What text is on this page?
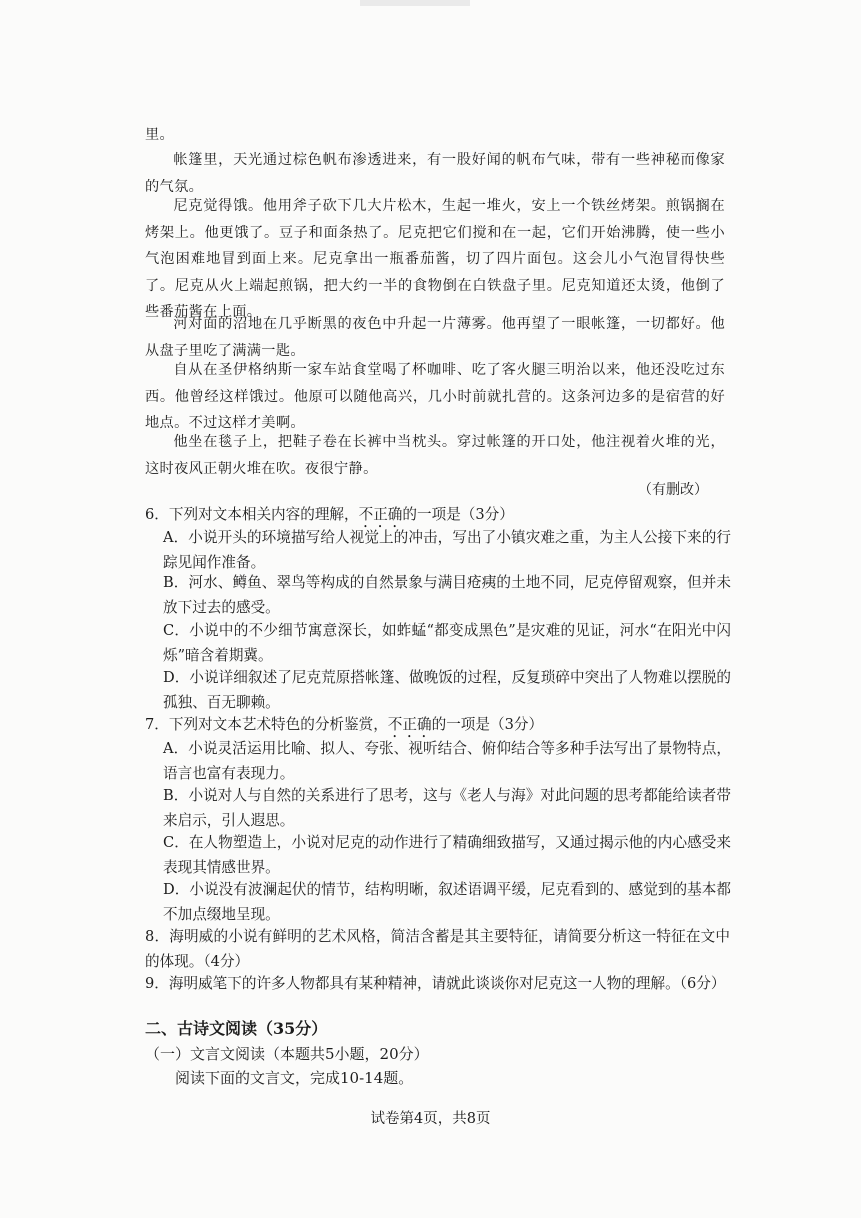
里。
帐篷里，天光通过棕色帆布渗透进来，有一股好闻的帆布气味，带有一些神秘而像家的气氛。
尼克觉得饿。他用斧子砍下几大片松木，生起一堆火，安上一个铁丝烤架。煎锅搁在烤架上。他更饿了。豆子和面条热了。尼克把它们搅和在一起，它们开始沸腾，使一些小气泡困难地冒到面上来。尼克拿出一瓶番茄酱，切了四片面包。这会儿小气泡冒得快些了。尼克从火上端起煎锅，把大约一半的食物倒在白铁盘子里。尼克知道还太烫，他倒了些番茄酱在上面。
河对面的沼地在几乎断黑的夜色中升起一片薄雾。他再望了一眼帐篷，一切都好。他从盘子里吃了满满一匙。
自从在圣伊格纳斯一家车站食堂喝了杯咖啡、吃了客火腿三明治以来，他还没吃过东西。他曾经这样饿过。他原可以随他高兴，几小时前就扎营的。这条河边多的是宿营的好地点。不过这样才美啊。
他坐在毯子上，把鞋子卷在长裤中当枕头。穿过帐篷的开口处，他注视着火堆的光，这时夜风正朝火堆在吹。夜很宁静。
（有删改）
6．下列对文本相关内容的理解，不正确的一项是（3分）
A．小说开头的环境描写给人视觉上的冲击，写出了小镇灾难之重，为主人公接下来的行踪见闻作准备。
B．河水、鳟鱼、翠鸟等构成的自然景象与满目疮痍的土地不同，尼克停留观察，但并未放下过去的感受。
C．小说中的不少细节寓意深长，如蚱蜢“都变成黑色”是灾难的见证，河水“在阳光中闪烁”暗含着期冀。
D．小说详细叙述了尼克荒原搭帐篷、做晚饭的过程，反复琐碎中突出了人物难以摆脱的孤独、百无聊赖。
7．下列对文本艺术特色的分析鉴赏，不正确的一项是（3分）
A．小说灵活运用比喻、拟人、夸张、视听结合、俯仰结合等多种手法写出了景物特点，语言也富有表现力。
B．小说对人与自然的关系进行了思考，这与《老人与海》对此问题的思考都能给读者带来启示，引人遐思。
C．在人物塑造上，小说对尼克的动作进行了精确细致描写，又通过揭示他的内心感受来表现其情感世界。
D．小说没有波澜起伏的情节，结构明晰，叙述语调平缓，尼克看到的、感觉到的基本都不加点缀地呈现。
8．海明威的小说有鲜明的艺术风格，简洁含蓄是其主要特征，请简要分析这一特征在文中的体现。（4分）
9．海明威笔下的许多人物都具有某种精神，请就此谈谈你对尼克这一人物的理解。（6分）
二、古诗文阅读（35分）
（一）文言文阅读（本题共5小题，20分）
阅读下面的文言文，完成10-14题。
试卷第4页，共8页
